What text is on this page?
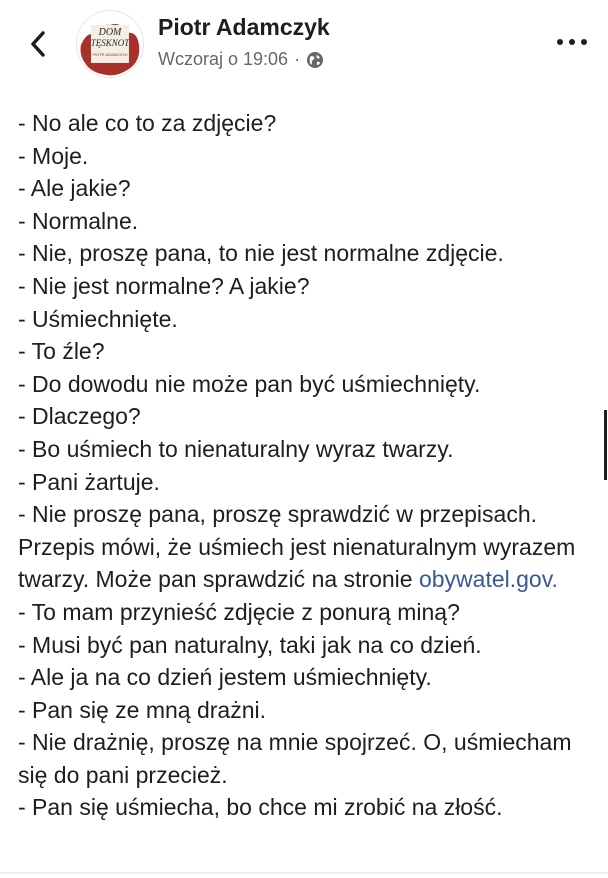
DOM
TĘSKNOT
PIOTR ADAMCZYK
Piotr Adamczyk
Wczoraj o 19:06 ·
- No ale co to za zdjęcie?
- Moje.
- Ale jakie?
- Normalne.
- Nie, proszę pana, to nie jest normalne zdjęcie.
- Nie jest normalne? A jakie?
- Uśmiechnięte.
- To źle?
- Do dowodu nie może pan być uśmiechnięty.
- Dlaczego?
- Bo uśmiech to nienaturalny wyraz twarzy.
- Pani żartuje.
- Nie proszę pana, proszę sprawdzić w przepisach. Przepis mówi, że uśmiech jest nienaturalnym wyrazem twarzy. Może pan sprawdzić na stronie obywatel.gov.
- To mam przynieść zdjęcie z ponurą miną?
- Musi być pan naturalny, taki jak na co dzień.
- Ale ja na co dzień jestem uśmiechnięty.
- Pan się ze mną drażni.
- Nie drażnię, proszę na mnie spojrzeć. O, uśmiecham się do pani przecież.
- Pan się uśmiecha, bo chce mi zrobić na złość.
